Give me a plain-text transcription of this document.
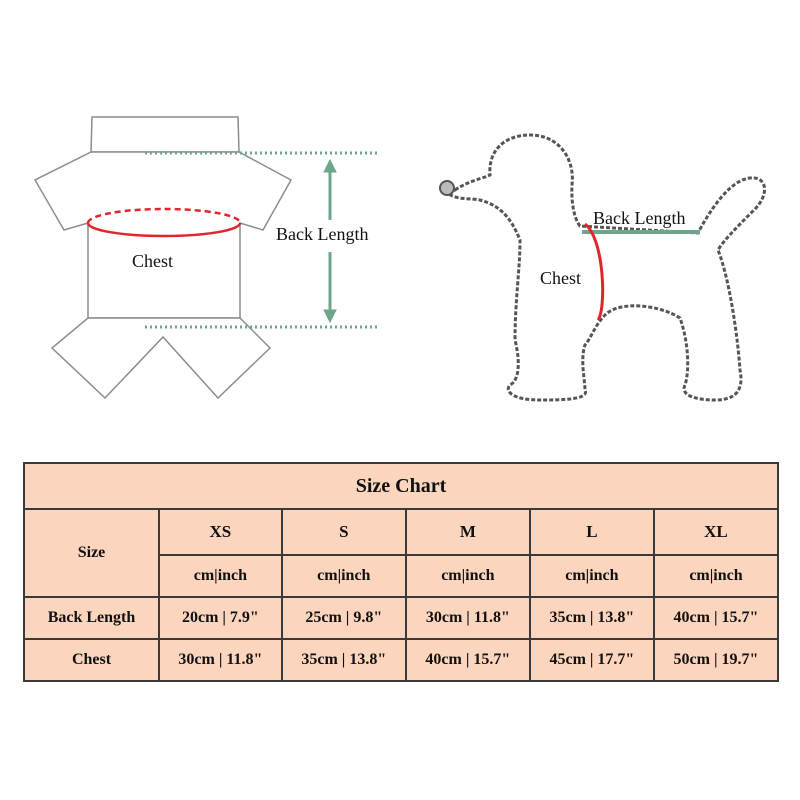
Back Length
Chest
Back Length
Chest
Size Chart					
Size	XS	S	M	L	XL
	cm|inch	cm|inch	cm|inch	cm|inch	cm|inch
Back Length	20cm | 7.9"	25cm | 9.8"	30cm | 11.8"	35cm | 13.8"	40cm | 15.7"
Chest	30cm | 11.8"	35cm | 13.8"	40cm | 15.7"	45cm | 17.7"	50cm | 19.7"
